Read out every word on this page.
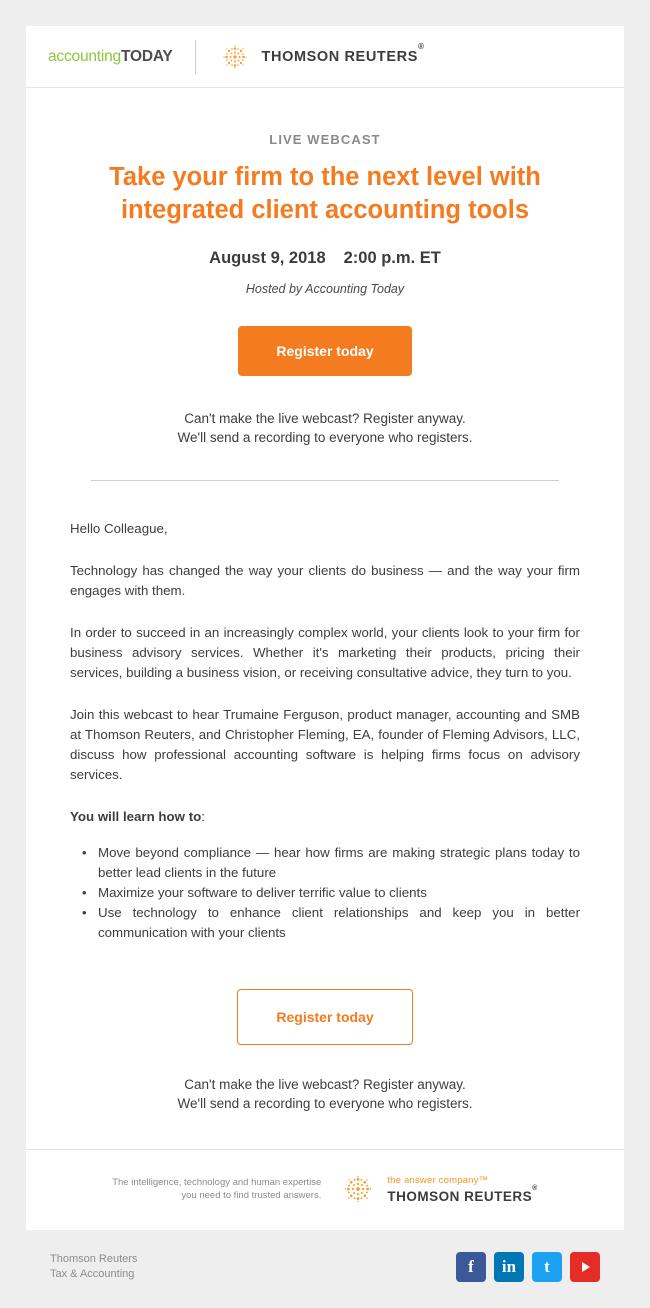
accountingTODAY	THOMSON REUTERS®
LIVE WEBCAST
Take your firm to the next level with integrated client accounting tools
August 9, 2018 2:00 p.m. ET
Hosted by Accounting Today
Register today
Can't make the live webcast? Register anyway.
We'll send a recording to everyone who registers.

Hello Colleague,

Technology has changed the way your clients do business — and the way your firm engages with them.

In order to succeed in an increasingly complex world, your clients look to your firm for business advisory services. Whether it's marketing their products, pricing their services, building a business vision, or receiving consultative advice, they turn to you.

Join this webcast to hear Trumaine Ferguson, product manager, accounting and SMB at Thomson Reuters, and Christopher Fleming, EA, founder of Fleming Advisors, LLC, discuss how professional accounting software is helping firms focus on advisory services.

You will learn how to:

• Move beyond compliance — hear how firms are making strategic plans today to better lead clients in the future
• Maximize your software to deliver terrific value to clients
• Use technology to enhance client relationships and keep you in better communication with your clients
Register today
Can't make the live webcast? Register anyway.
We'll send a recording to everyone who registers.
The intelligence, technology and human expertise
you need to find trusted answers.
the answer company™
THOMSON REUTERS®
Thomson Reuters
Tax & Accounting	f	in	t
